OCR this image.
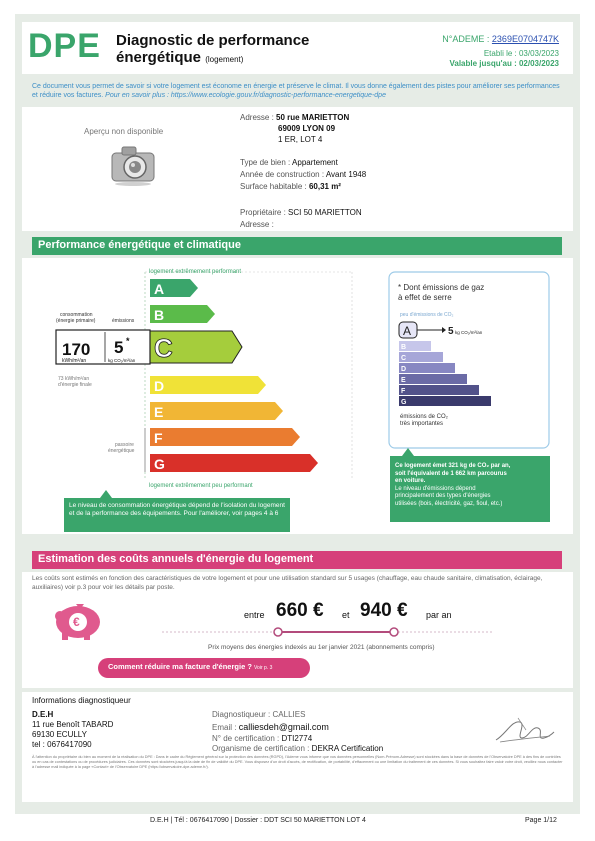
DPE Diagnostic de performance
énergétique (logement)
N°ADEME : 2369E0704747K
Etabli le : 03/03/2023
Valable jusqu'au : 02/03/2023
Ce document vous permet de savoir si votre logement est économe en énergie et préserve le climat. Il vous donne également des pistes pour améliorer ses performances et réduire vos factures. Pour en savoir plus : https://www.ecologie.gouv.fr/diagnostic-performance-energetique-dpe
Aperçu non disponible
Adresse : 50 rue MARIETTON
69009 LYON 09
1 ER, LOT 4
Type de bien : Appartement
Année de construction : Avant 1948
Surface habitable : 60,31 m²
Propriétaire : SCI 50 MARIETTON
Adresse :
Performance énergétique et climatique
logement extrêmement performant
logement extrêmement peu performant
A
B
C
D
E
F
G
consommation (énergie primaire)	émissions
170
kWh/m²/an
5 *
kg CO₂/m²/an
73 kWh/m²/an d'énergie finale
passoire énergétique
* Dont émissions de gaz
à effet de serre
peu d'émissions de CO₂
A	5 kg CO₂/m²/an
B
C
D
E
F
G
émissions de CO₂
très importantes
Le niveau de consommation énergétique dépend de l'isolation du logement et de la performance des équipements. Pour l'améliorer, voir pages 4 à 6
Ce logement émet 321 kg de CO₂ par an,
soit l'équivalent de 1 662 km parcourus
en voiture.
Le niveau d'émissions dépend
principalement des types d'énergies
utilisées (bois, électricité, gaz, fioul, etc.)
Estimation des coûts annuels d'énergie du logement
Les coûts sont estimés en fonction des caractéristiques de votre logement et pour une utilisation standard sur 5 usages (chauffage, eau chaude sanitaire, climatisation, éclairage, auxiliaires) voir p.3 pour voir les détails par poste.
€	entre 660 € et 940 € par an
Prix moyens des énergies indexés au 1er janvier 2021 (abonnements compris)
Comment réduire ma facture d'énergie ? Voir p. 3
Informations diagnostiqueur
D.E.H
11 rue Benoît TABARD
69130 ECULLY
tel : 0676417090
Diagnostiqueur : CALLIES
Email : calliesdeh@gmail.com
N° de certification : DTI2774
Organisme de certification : DEKRA Certification
À l'attention du propriétaire du bien au moment de la réalisation du DPE : Dans le cadre du Règlement général sur la protection des données (RGPD), l'Ademe vous informe que vos données personnelles (Nom-Prénom-Adresse) sont stockées dans la base de données de l'Observatoire DPE à des fins de contrôles ou en cas de contestations ou de procédures judiciaires. Ces données sont stockées jusqu'à la date de fin de validité du DPE. Vous disposez d'un droit d'accès, de rectification, de portabilité, d'effacement ou une limitation du traitement de ces données. Si vous souhaitez faire valoir votre droit, veuillez nous contacter à l'adresse mail indiquée à la page «Contact» de l'Observatoire DPE (https://observatoire-dpe.ademe.fr/).
D.E.H | Tél : 0676417090 | Dossier : DDT SCI 50 MARIETTON LOT 4	Page 1/12
